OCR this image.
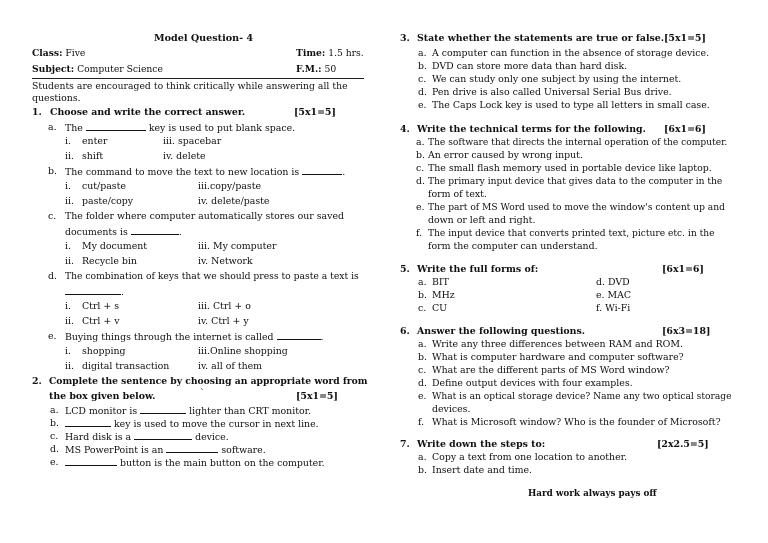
Model Question- 4
Class: Five	Time: 1.5 hrs.
Subject: Computer Science	F.M.: 50
Students are encouraged to think critically while answering all the
questions.
1. Choose and write the correct answer.	[5x1=5]
a. The	key is used to put blank space.
i. enter	iii. spacebar
ii. shift	iv. delete
b. The command to move the text to new location is	.
i. cut/paste	iii.copy/paste
ii. paste/copy	iv. delete/paste
c. The folder where computer automatically stores our saved
documents is	.
i. My document	iii. My computer
ii. Recycle bin	iv. Network
d. The combination of keys that we should press to paste a text is
.
i. Ctrl + s	iii. Ctrl + o
ii. Ctrl + v	iv. Ctrl + y
e. Buying things through the internet is called	.
i. shopping	iii.Online shopping
ii. digital transaction	iv. all of them
2. Complete the sentence by choosing an appropriate word from
the box given below.	`	[5x1=5]
a. LCD monitor is	lighter than CRT monitor.
b.	key is used to move the cursor in next line.
c. Hard disk is a	device.
d. MS PowerPoint is an	software.
e.	button is the main button on the computer.
3. State whether the statements are true or false. [5x1=5]
a. A computer can function in the absence of storage device.
b. DVD can store more data than hard disk.
c. We can study only one subject by using the internet.
d. Pen drive is also called Universal Serial Bus drive.
e. The Caps Lock key is used to type all letters in small case.
4. Write the technical terms for the following. [6x1=6]
a. The software that directs the internal operation of the computer.
b. An error caused by wrong input.
c. The small flash memory used in portable device like laptop.
d. The primary input device that gives data to the computer in the
form of text.
e. The part of MS Word used to move the window's content up and
down or left and right.
f. The input device that converts printed text, picture etc. in the
form the computer can understand.
5. Write the full forms of:	[6x1=6]
a. BIT	d. DVD
b. MHz	e. MAC
c. CU	f. Wi-Fi
6. Answer the following questions.	[6x3=18]
a. Write any three differences between RAM and ROM.
b. What is computer hardware and computer software?
c. What are the different parts of MS Word window?
d. Define output devices with four examples.
e. What is an optical storage device? Name any two optical storage
devices.
f. What is Microsoft window? Who is the founder of Microsoft?
7. Write down the steps to:	[2x2.5=5]
a. Copy a text from one location to another.
b. Insert date and time.
Hard work always pays off
